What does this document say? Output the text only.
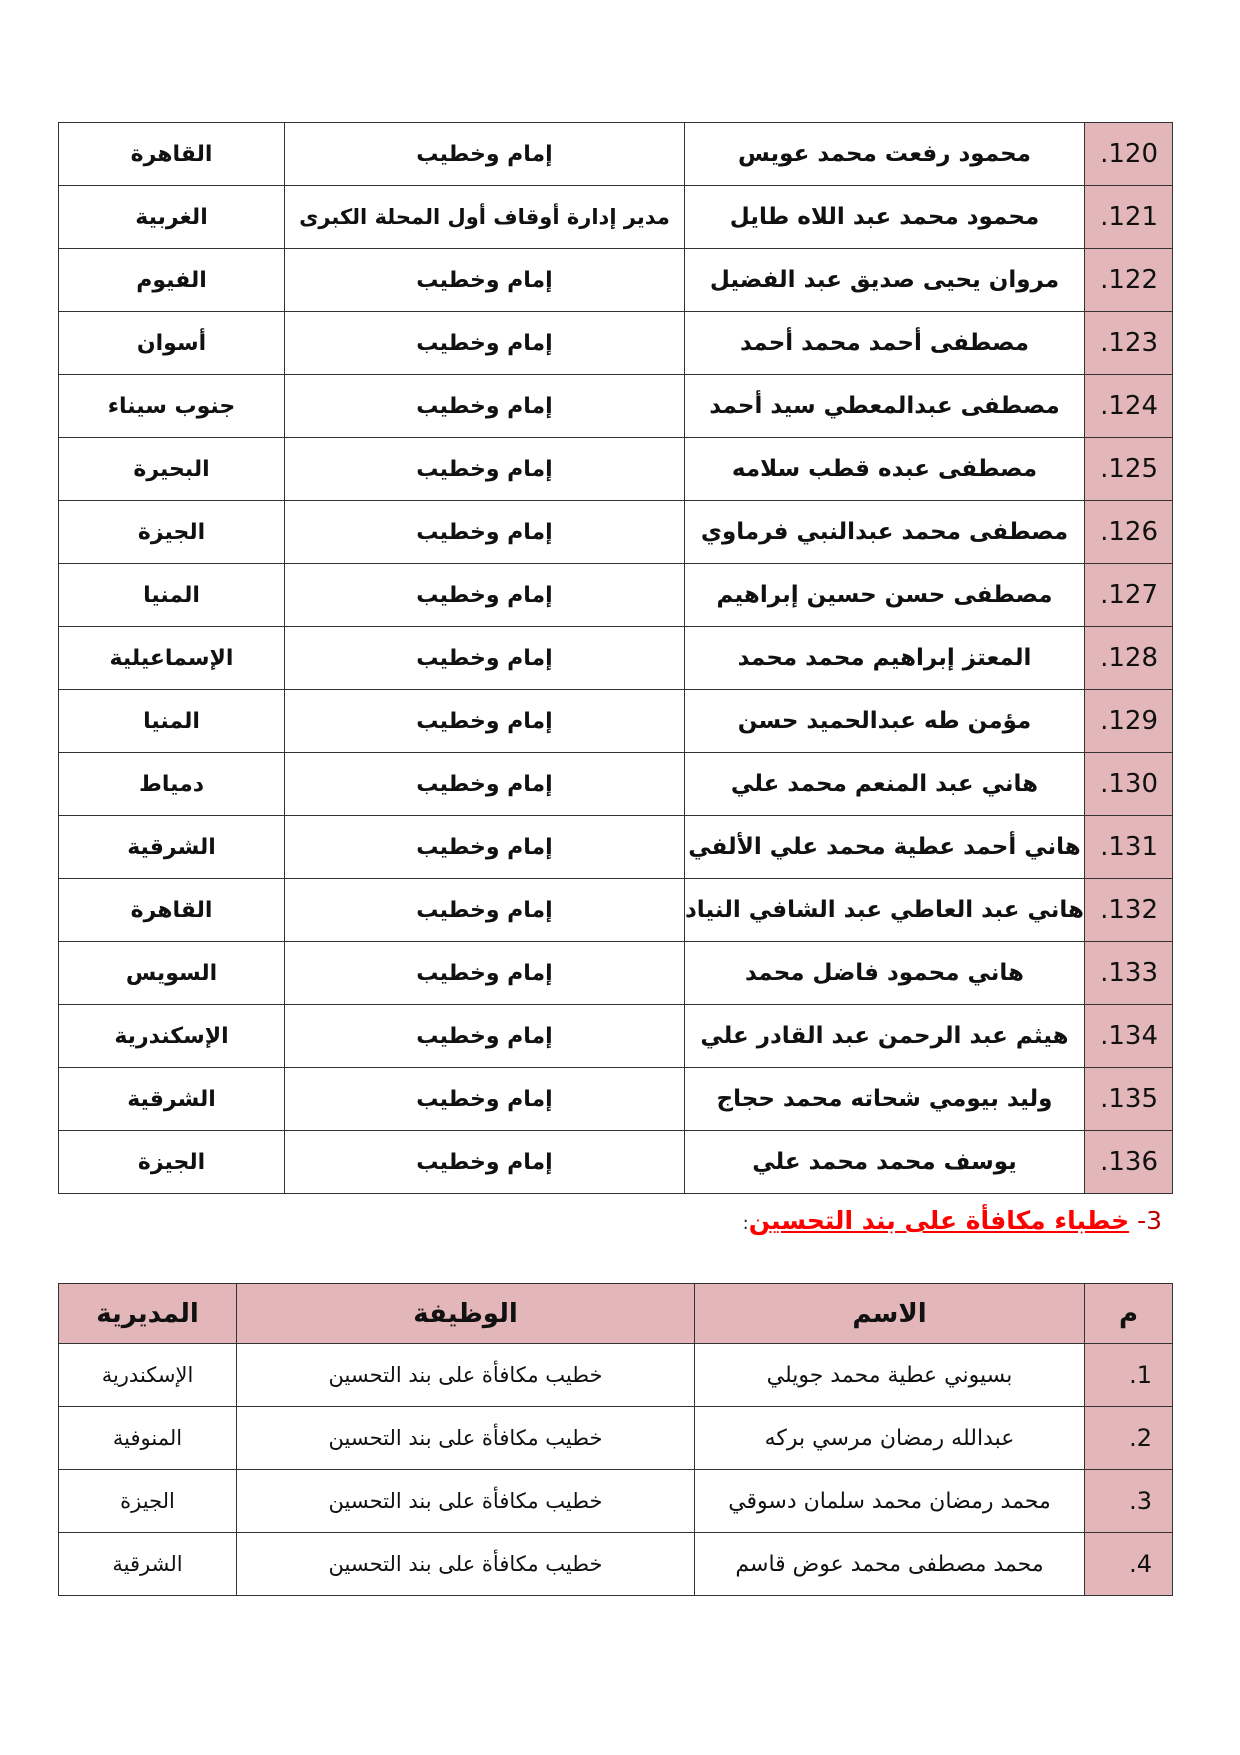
120.	محمود رفعت محمد عويس	إمام وخطيب	القاهرة
121.	محمود محمد عبد اللاه طايل	مدير إدارة أوقاف أول المحلة الكبرى	الغربية
122.	مروان يحيى صديق عبد الفضيل	إمام وخطيب	الفيوم
123.	مصطفى أحمد محمد أحمد	إمام وخطيب	أسوان
124.	مصطفى عبدالمعطي سيد أحمد	إمام وخطيب	جنوب سيناء
125.	مصطفى عبده قطب سلامه	إمام وخطيب	البحيرة
126.	مصطفى محمد عبدالنبي فرماوي	إمام وخطيب	الجيزة
127.	مصطفى حسن حسين إبراهيم	إمام وخطيب	المنيا
128.	المعتز إبراهيم محمد محمد	إمام وخطيب	الإسماعيلية
129.	مؤمن طه عبدالحميد حسن	إمام وخطيب	المنيا
130.	هاني عبد المنعم محمد علي	إمام وخطيب	دمياط
131.	هاني أحمد عطية محمد علي الألفي	إمام وخطيب	الشرقية
132.	هاني عبد العاطي عبد الشافي النياد	إمام وخطيب	القاهرة
133.	هاني محمود فاضل محمد	إمام وخطيب	السويس
134.	هيثم عبد الرحمن عبد القادر علي	إمام وخطيب	الإسكندرية
135.	وليد بيومي شحاته محمد حجاج	إمام وخطيب	الشرقية
136.	يوسف محمد محمد علي	إمام وخطيب	الجيزة
3- خطباء مكافأة على بند التحسين:
م	الاسم	الوظيفة	المديرية
1.	بسيوني عطية محمد جويلي	خطيب مكافأة على بند التحسين	الإسكندرية
2.	عبدالله رمضان مرسي بركه	خطيب مكافأة على بند التحسين	المنوفية
3.	محمد رمضان محمد سلمان دسوقي	خطيب مكافأة على بند التحسين	الجيزة
4.	محمد مصطفى محمد عوض قاسم	خطيب مكافأة على بند التحسين	الشرقية
